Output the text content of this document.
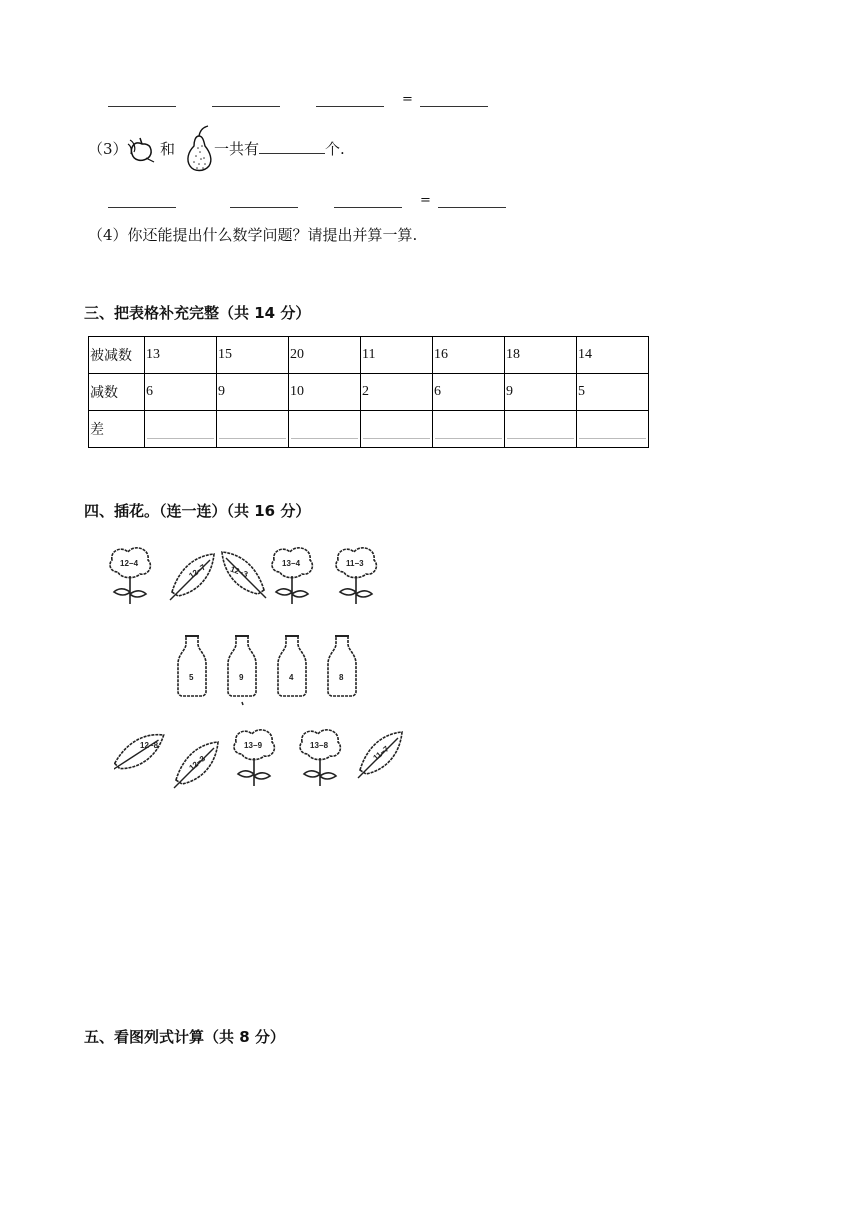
=
（3） 和	一共有	个.
=
（4）你还能提出什么数学问题？请提出并算一算.
三、把表格补充完整（共 14 分）
被减数	13	15	20	11	16	18	14
减数	6	9	10	2	6	9	5
差	

四、插花。（连一连）（共 16 分）
12−4	12−7	12−3
13−4	11−3
5	9	4	8
12−8
12−3
13−9	13−8	11−7
五、看图列式计算（共 8 分）
